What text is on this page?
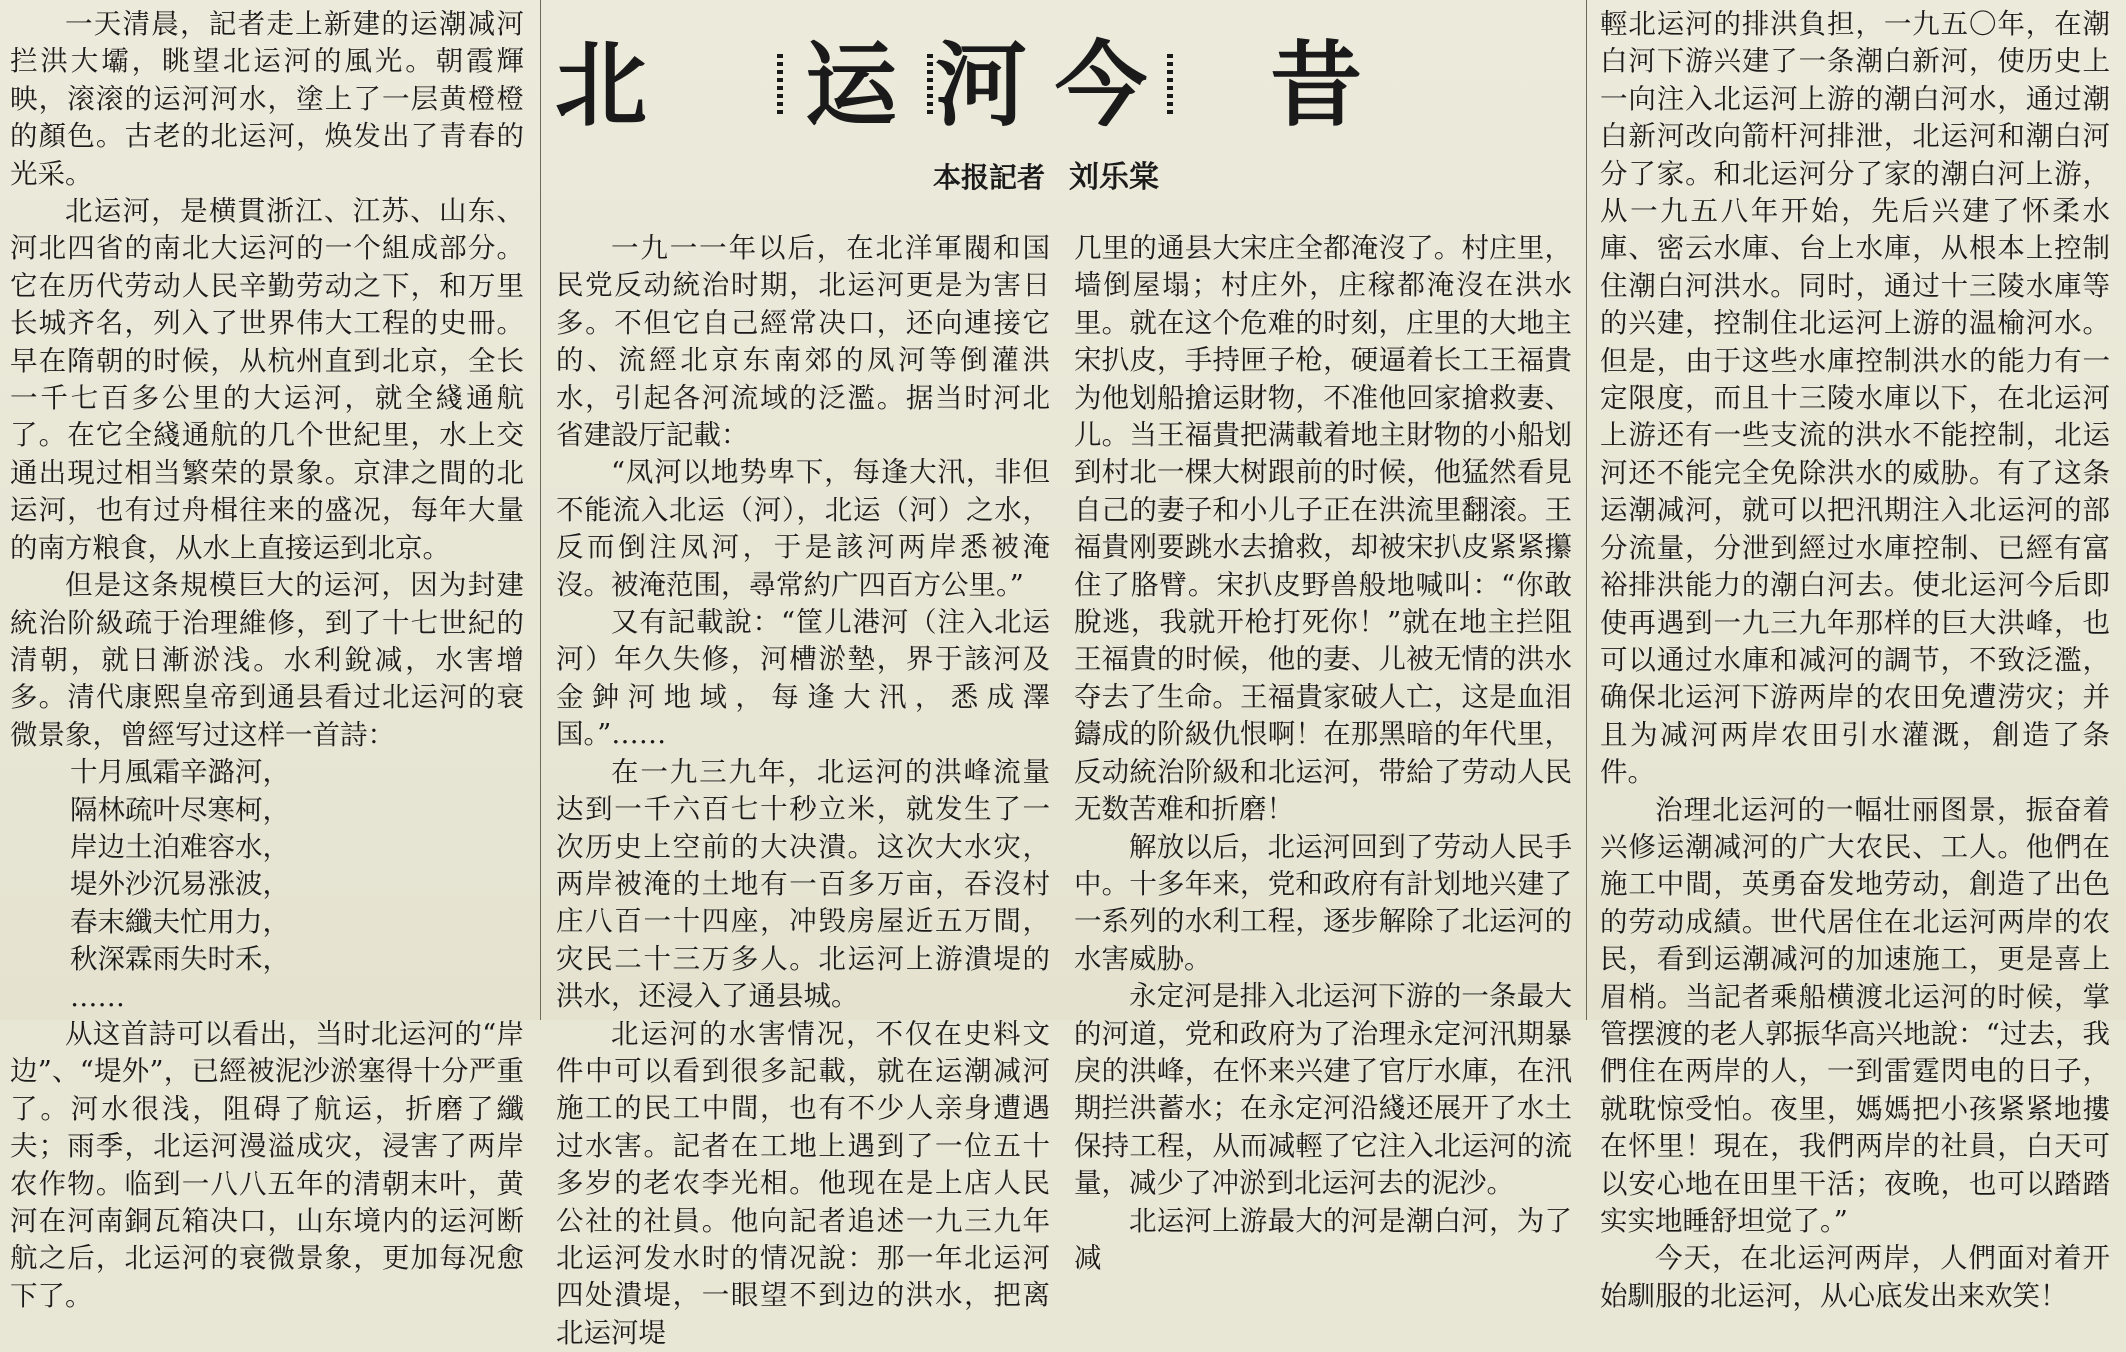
一天清晨，記者走上新建的运潮减河拦洪大壩，眺望北运河的風光。朝霞輝映，滚滚的运河河水，塗上了一层黄橙橙的顏色。古老的北运河，焕发出了青春的光采。

北运河，是横貫浙江、江苏、山东、河北四省的南北大运河的一个組成部分。它在历代劳动人民辛勤劳动之下，和万里长城齐名，列入了世界伟大工程的史冊。早在隋朝的时候，从杭州直到北京，全长一千七百多公里的大运河，就全綫通航了。在它全綫通航的几个世紀里，水上交通出現过相当繁荣的景象。京津之間的北运河，也有过舟楫往来的盛况，每年大量的南方粮食，从水上直接运到北京。

但是这条規模巨大的运河，因为封建統治阶級疏于治理維修，到了十七世紀的清朝，就日漸淤浅。水利銳减，水害增多。清代康熙皇帝到通县看过北运河的衰微景象，曾經写过这样一首詩：

十月風霜辛潞河，

隔林疏叶尽寒柯，

岸边土泊难容水，

堤外沙沉易涨波，

春末纖夫忙用力，

秋深霖雨失时禾，

……

从这首詩可以看出，当时北运河的“岸边”、“堤外”，已經被泥沙淤塞得十分严重了。河水很浅，阻碍了航运，折磨了纖夫；雨季，北运河漫溢成灾，浸害了两岸农作物。临到一八八五年的清朝末叶，黄河在河南銅瓦箱决口，山东境内的运河断航之后，北运河的衰微景象，更加每况愈下了。

北 运 河 今 昔
本报記者 刘乐棠

一九一一年以后，在北洋軍閥和国民党反动統治时期，北运河更是为害日多。不但它自己經常决口，还向連接它的、流經北京东南郊的凤河等倒灌洪水，引起各河流域的泛濫。据当时河北省建設厅記載：

“凤河以地势卑下，每逢大汛，非但不能流入北运（河），北运（河）之水，反而倒注凤河，于是該河两岸悉被淹沒。被淹范围，尋常約广四百方公里。”

又有記載說：“筐儿港河（注入北运河）年久失修，河槽淤墊，界于該河及金鈡河地域，每逢大汛，悉成澤国。”……

在一九三九年，北运河的洪峰流量达到一千六百七十秒立米，就发生了一次历史上空前的大决潰。这次大水灾，两岸被淹的土地有一百多万亩，吞沒村庄八百一十四座，冲毁房屋近五万間，灾民二十三万多人。北运河上游潰堤的洪水，还浸入了通县城。

北运河的水害情况，不仅在史料文件中可以看到很多記載，就在运潮减河施工的民工中間，也有不少人亲身遭遇过水害。記者在工地上遇到了一位五十多岁的老农李光相。他现在是上店人民公社的社員。他向記者追述一九三九年北运河发水时的情况說：那一年北运河四处潰堤，一眼望不到边的洪水，把离北运河堤

几里的通县大宋庄全都淹沒了。村庄里，墙倒屋塌；村庄外，庄稼都淹沒在洪水里。就在这个危难的时刻，庄里的大地主宋扒皮，手持匣子枪，硬逼着长工王福貴为他划船搶运財物，不准他回家搶救妻、儿。当王福貴把满載着地主財物的小船划到村北一棵大树跟前的时候，他猛然看見自己的妻子和小儿子正在洪流里翻滚。王福貴刚要跳水去搶救，却被宋扒皮紧紧攥住了胳臂。宋扒皮野兽般地喊叫：“你敢脫逃，我就开枪打死你！”就在地主拦阻王福貴的时候，他的妻、儿被无情的洪水夺去了生命。王福貴家破人亡，这是血泪鑄成的阶級仇恨啊！在那黑暗的年代里，反动統治阶級和北运河，带給了劳动人民无数苦难和折磨！

解放以后，北运河回到了劳动人民手中。十多年来，党和政府有計划地兴建了一系列的水利工程，逐步解除了北运河的水害威胁。

永定河是排入北运河下游的一条最大的河道，党和政府为了治理永定河汛期暴戾的洪峰，在怀来兴建了官厅水庫，在汛期拦洪蓄水；在永定河沿綫还展开了水土保持工程，从而减輕了它注入北运河的流量，减少了冲淤到北运河去的泥沙。

北运河上游最大的河是潮白河，为了减

輕北运河的排洪負担，一九五〇年，在潮白河下游兴建了一条潮白新河，使历史上一向注入北运河上游的潮白河水，通过潮白新河改向箭杆河排泄，北运河和潮白河分了家。和北运河分了家的潮白河上游，从一九五八年开始，先后兴建了怀柔水庫、密云水庫、台上水庫，从根本上控制住潮白河洪水。同时，通过十三陵水庫等的兴建，控制住北运河上游的温榆河水。但是，由于这些水庫控制洪水的能力有一定限度，而且十三陵水庫以下，在北运河上游还有一些支流的洪水不能控制，北运河还不能完全免除洪水的威胁。有了这条运潮减河，就可以把汛期注入北运河的部分流量，分泄到經过水庫控制、已經有富裕排洪能力的潮白河去。使北运河今后即使再遇到一九三九年那样的巨大洪峰，也可以通过水庫和减河的調节，不致泛濫，确保北运河下游两岸的农田免遭涝灾；并且为减河两岸农田引水灌溉，創造了条件。

治理北运河的一幅壮丽图景，振奋着兴修运潮减河的广大农民、工人。他們在施工中間，英勇奋发地劳动，創造了出色的劳动成績。世代居住在北运河两岸的农民，看到运潮减河的加速施工，更是喜上眉梢。当記者乘船横渡北运河的时候，掌管摆渡的老人郭振华高兴地說：“过去，我們住在两岸的人，一到雷霆閃电的日子，就耽惊受怕。夜里，媽媽把小孩紧紧地摟在怀里！現在，我們两岸的社員，白天可以安心地在田里干活；夜晚，也可以踏踏实实地睡舒坦觉了。”

今天，在北运河两岸，人們面对着开始馴服的北运河，从心底发出来欢笑！
